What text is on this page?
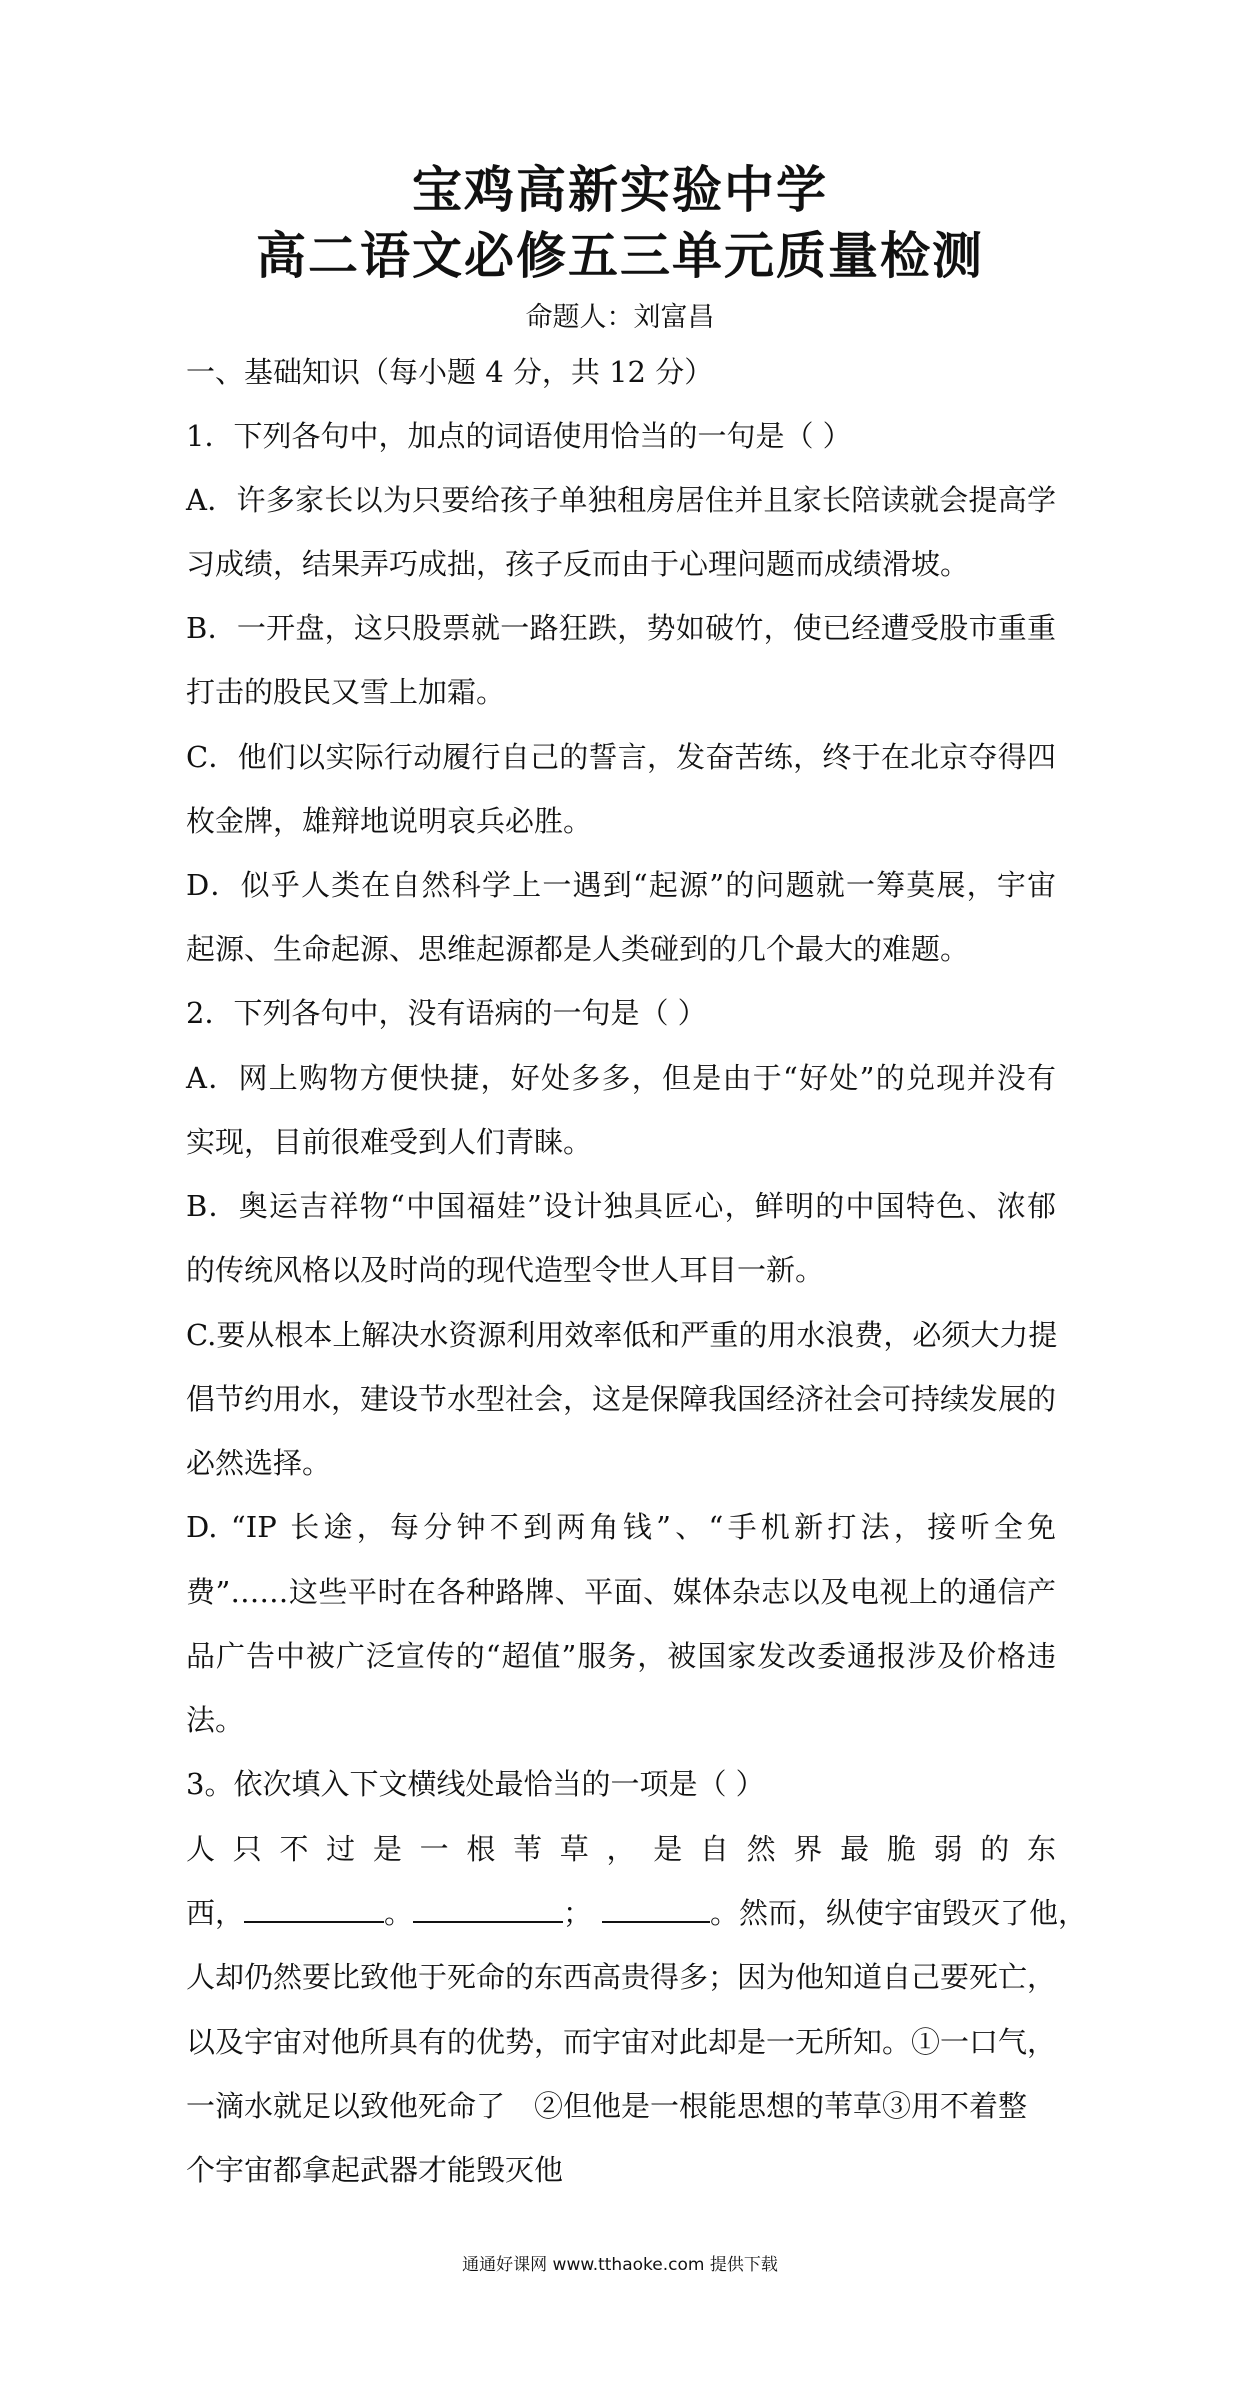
宝鸡高新实验中学
高二语文必修五三单元质量检测
命题人：刘富昌
一、基础知识（每小题 4 分，共 12 分）
1．下列各句中，加点的词语使用恰当的一句是（ ）
A．许多家长以为只要给孩子单独租房居住并且家长陪读就会提高学
习成绩，结果弄巧成拙，孩子反而由于心理问题而成绩滑坡。
B．一开盘，这只股票就一路狂跌，势如破竹，使已经遭受股市重重
打击的股民又雪上加霜。
C．他们以实际行动履行自己的誓言，发奋苦练，终于在北京夺得四
枚金牌，雄辩地说明哀兵必胜。
D．似乎人类在自然科学上一遇到“起源”的问题就一筹莫展，宇宙
起源、生命起源、思维起源都是人类碰到的几个最大的难题。
2．下列各句中，没有语病的一句是（ ）
A．网上购物方便快捷，好处多多，但是由于“好处”的兑现并没有
实现，目前很难受到人们青睐。
B．奥运吉祥物“中国福娃”设计独具匠心，鲜明的中国特色、浓郁
的传统风格以及时尚的现代造型令世人耳目一新。
C.要从根本上解决水资源利用效率低和严重的用水浪费，必须大力提
倡节约用水，建设节水型社会，这是保障我国经济社会可持续发展的
必然选择。
D. “IP 长途，每分钟不到两角钱”、“手机新打法，接听全免
费”……这些平时在各种路牌、平面、媒体杂志以及电视上的通信产
品广告中被广泛宣传的“超值”服务，被国家发改委通报涉及价格违
法。
3。依次填入下文横线处最恰当的一项是（ ）
人只不过是一根苇草，是自然界最脆弱的东
西，	。	；	。然而，纵使宇宙毁灭了他，
人却仍然要比致他于死命的东西高贵得多；因为他知道自己要死亡，
以及宇宙对他所具有的优势，而宇宙对此却是一无所知。①一口气，
一滴水就足以致他死命了　②但他是一根能思想的苇草③用不着整
个宇宙都拿起武器才能毁灭他
通通好课网 www.tthaoke.com 提供下载
